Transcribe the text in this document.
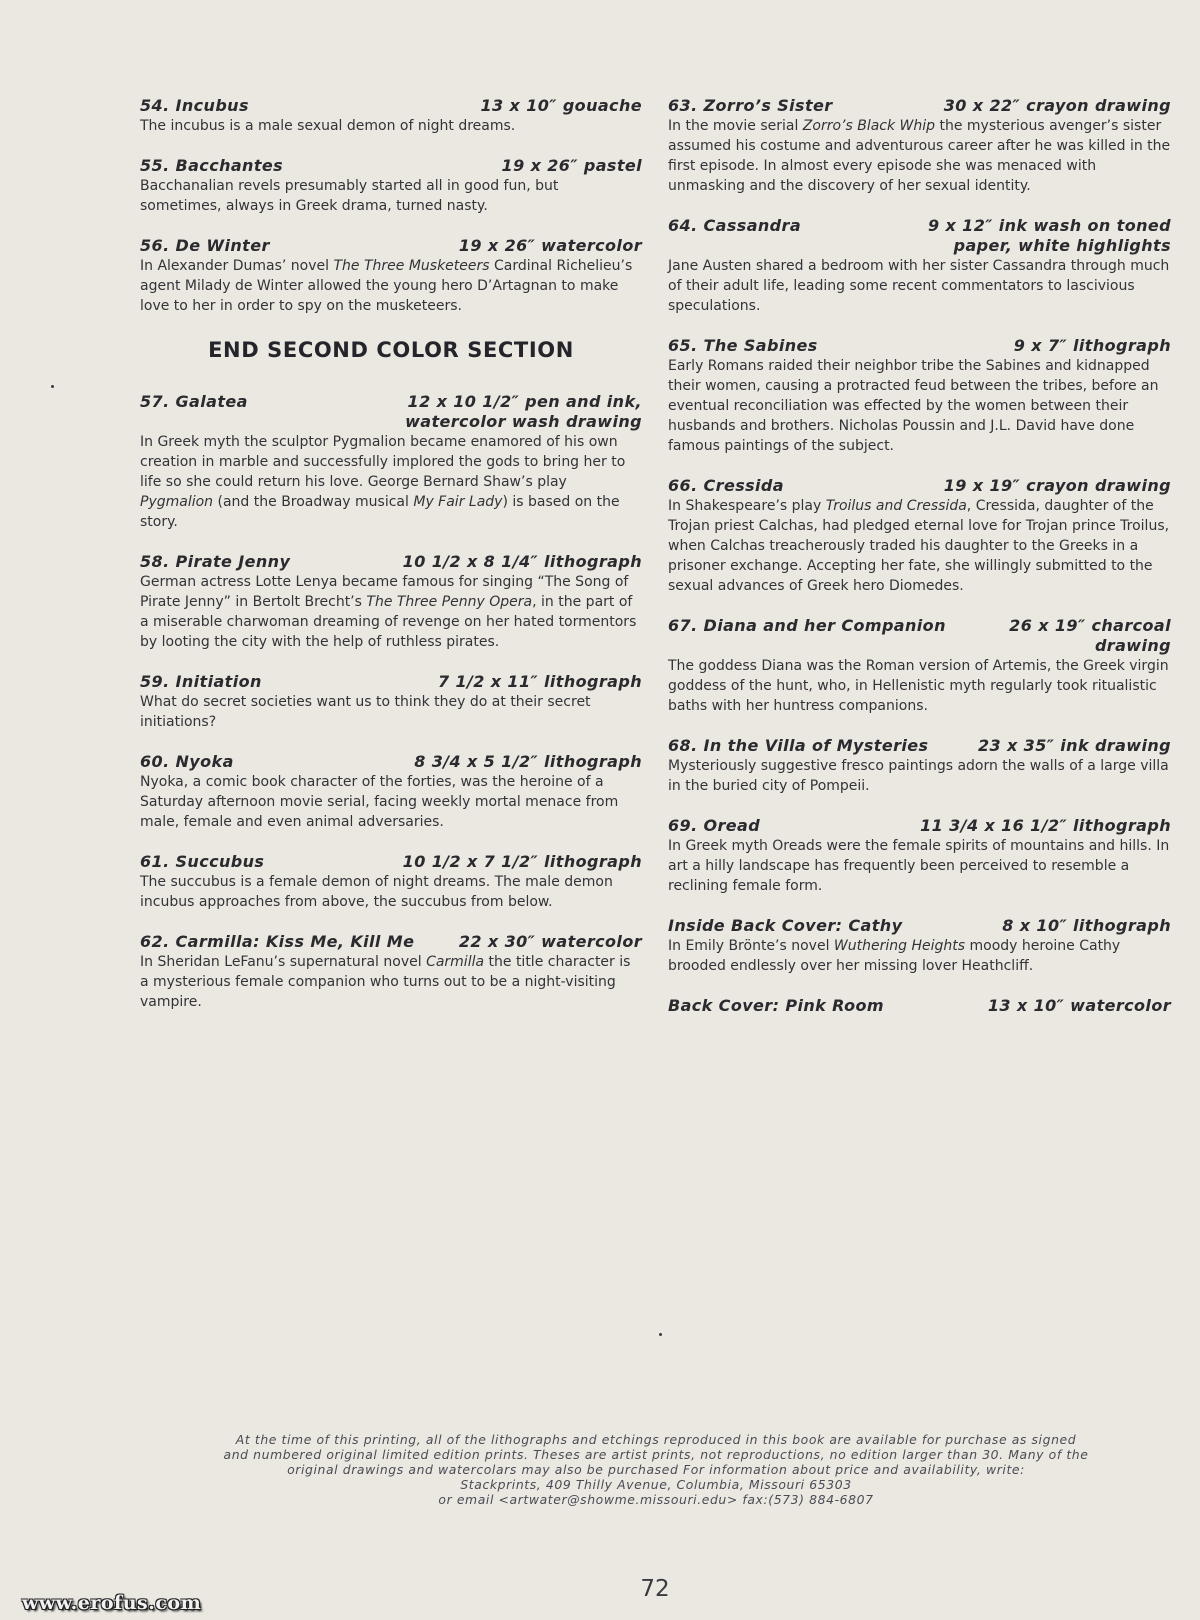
54. Incubus	13 x 10″ gouache
The incubus is a male sexual demon of night dreams.
55. Bacchantes	19 x 26″ pastel
Bacchanalian revels presumably started all in good fun, but sometimes, always in Greek drama, turned nasty.
56. De Winter	19 x 26″ watercolor
In Alexander Dumas’ novel The Three Musketeers Cardinal Richelieu’s agent Milady de Winter allowed the young hero D’Artagnan to make love to her in order to spy on the musketeers.
END SECOND COLOR SECTION
57. Galatea	12 x 10 1/2″ pen and ink,
watercolor wash drawing
In Greek myth the sculptor Pygmalion became enamored of his own creation in marble and successfully implored the gods to bring her to life so she could return his love. George Bernard Shaw’s play Pygmalion (and the Broadway musical My Fair Lady) is based on the story.
58. Pirate Jenny	10 1/2 x 8 1/4″ lithograph
German actress Lotte Lenya became famous for singing “The Song of Pirate Jenny” in Bertolt Brecht’s The Three Penny Opera, in the part of a miserable charwoman dreaming of revenge on her hated tormentors by looting the city with the help of ruthless pirates.
59. Initiation	7 1/2 x 11″ lithograph
What do secret societies want us to think they do at their secret initiations?
60. Nyoka	8 3/4 x 5 1/2″ lithograph
Nyoka, a comic book character of the forties, was the heroine of a Saturday afternoon movie serial, facing weekly mortal menace from male, female and even animal adversaries.
61. Succubus	10 1/2 x 7 1/2″ lithograph
The succubus is a female demon of night dreams. The male demon incubus approaches from above, the succubus from below.
62. Carmilla: Kiss Me, Kill Me	22 x 30″ watercolor
In Sheridan LeFanu’s supernatural novel Carmilla the title character is a mysterious female companion who turns out to be a night-visiting vampire.
63. Zorro’s Sister	30 x 22″ crayon drawing
In the movie serial Zorro’s Black Whip the mysterious avenger’s sister assumed his costume and adventurous career after he was killed in the first episode. In almost every episode she was menaced with unmasking and the discovery of her sexual identity.
64. Cassandra	9 x 12″ ink wash on toned
paper, white highlights
Jane Austen shared a bedroom with her sister Cassandra through much of their adult life, leading some recent commentators to lascivious speculations.
65. The Sabines	9 x 7″ lithograph
Early Romans raided their neighbor tribe the Sabines and kidnapped their women, causing a protracted feud between the tribes, before an eventual reconciliation was effected by the women between their husbands and brothers. Nicholas Poussin and J.L. David have done famous paintings of the subject.
66. Cressida	19 x 19″ crayon drawing
In Shakespeare’s play Troilus and Cressida, Cressida, daughter of the Trojan priest Calchas, had pledged eternal love for Trojan prince Troilus, when Calchas treacherously traded his daughter to the Greeks in a prisoner exchange. Accepting her fate, she willingly submitted to the sexual advances of Greek hero Diomedes.
67. Diana and her Companion	26 x 19″ charcoal
drawing
The goddess Diana was the Roman version of Artemis, the Greek virgin goddess of the hunt, who, in Hellenistic myth regularly took ritualistic baths with her huntress companions.
68. In the Villa of Mysteries	23 x 35″ ink drawing
Mysteriously suggestive fresco paintings adorn the walls of a large villa in the buried city of Pompeii.
69. Oread	11 3/4 x 16 1/2″ lithograph
In Greek myth Oreads were the female spirits of mountains and hills. In art a hilly landscape has frequently been perceived to resemble a reclining female form.
Inside Back Cover: Cathy	8 x 10″ lithograph
In Emily Brönte’s novel Wuthering Heights moody heroine Cathy brooded endlessly over her missing lover Heathcliff.
Back Cover: Pink Room	13 x 10″ watercolor
At the time of this printing, all of the lithographs and etchings reproduced in this book are available for purchase as signed
and numbered original limited edition prints. Theses are artist prints, not reproductions, no edition larger than 30. Many of the
original drawings and watercolars may also be purchased For information about price and availability, write:
Stackprints, 409 Thilly Avenue, Columbia, Missouri 65303
or email <artwater@showme.missouri.edu> fax:(573) 884-6807
72
www.erofus.com
